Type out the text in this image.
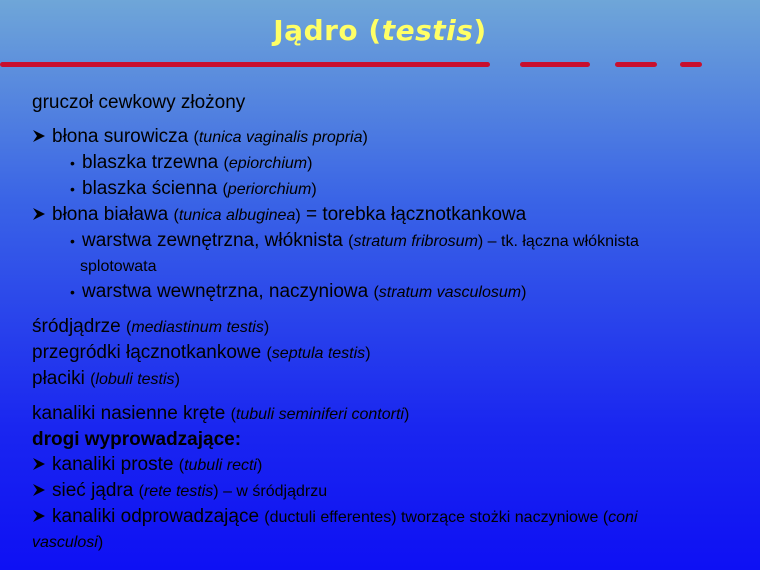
Jądro (testis)
gruczoł cewkowy złożony
błona surowicza (tunica vaginalis propria)
• blaszka trzewna (epiorchium)
• blaszka ścienna (periorchium)
błona biaława (tunica albuginea) = torebka łącznotkankowa
• warstwa zewnętrzna, włóknista (stratum fribrosum) – tk. łączna włóknista
splotowata
• warstwa wewnętrzna, naczyniowa (stratum vasculosum)
śródjądrze (mediastinum testis)
przegródki łącznotkankowe (septula testis)
płaciki (lobuli testis)
kanaliki nasienne kręte (tubuli seminiferi contorti)
drogi wyprowadzające:
kanaliki proste (tubuli recti)
sieć jądra (rete testis) – w śródjądrzu
kanaliki odprowadzające (ductuli efferentes) tworzące stożki naczyniowe (coni
vasculosi)
